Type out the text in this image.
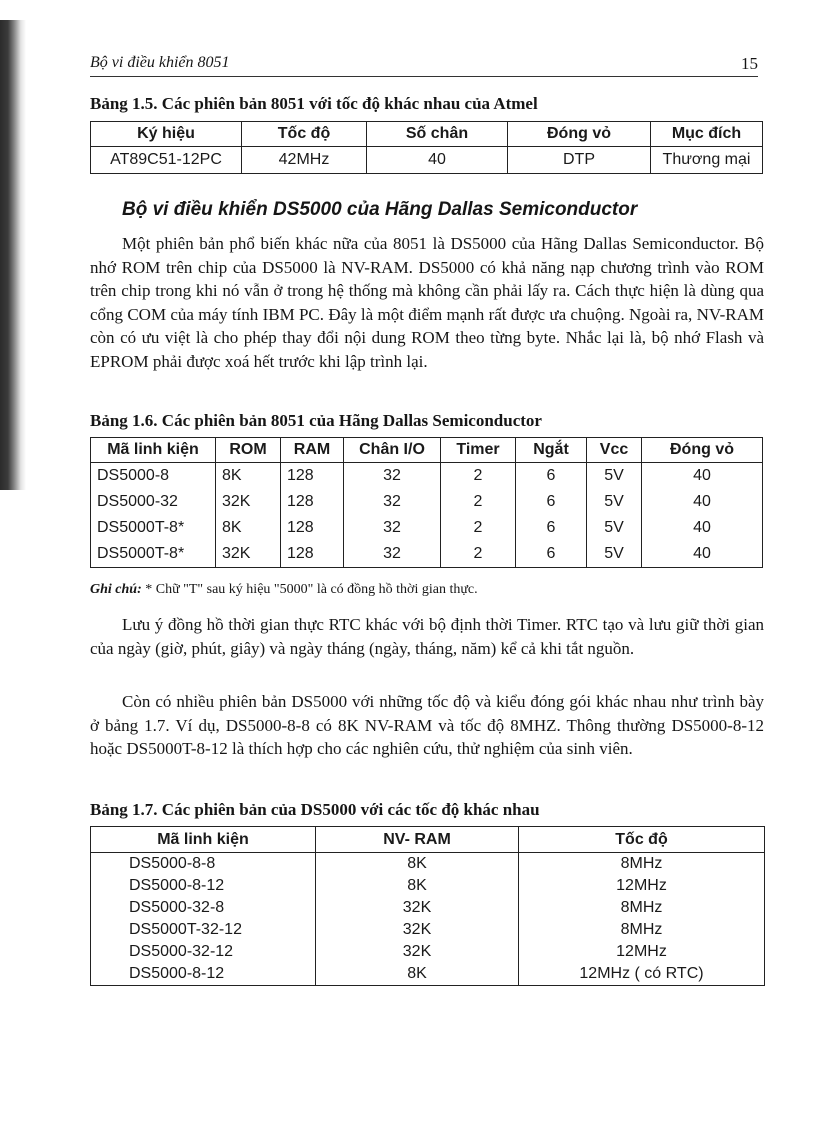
Bộ vi điều khiển 8051	15
Bảng 1.5. Các phiên bản 8051 với tốc độ khác nhau của Atmel
Ký hiệu	Tốc độ	Số chân	Đóng vỏ	Mục đích
AT89C51-12PC	42MHz	40	DTP	Thương mại
Bộ vi điều khiển DS5000 của Hãng Dallas Semiconductor

Một phiên bản phổ biến khác nữa của 8051 là DS5000 của Hãng Dallas Semiconductor. Bộ nhớ ROM trên chip của DS5000 là NV-RAM. DS5000 có khả năng nạp chương trình vào ROM trên chip trong khi nó vẫn ở trong hệ thống mà không cần phải lấy ra. Cách thực hiện là dùng qua cổng COM của máy tính IBM PC. Đây là một điểm mạnh rất được ưa chuộng. Ngoài ra, NV-RAM còn có ưu việt là cho phép thay đổi nội dung ROM theo từng byte. Nhắc lại là, bộ nhớ Flash và EPROM phải được xoá hết trước khi lập trình lại.

Bảng 1.6. Các phiên bản 8051 của Hãng Dallas Semiconductor
Mã linh kiện	ROM	RAM	Chân I/O	Timer	Ngắt	Vcc	Đóng vỏ
DS5000-8	8K	128	32	2	6	5V	40
DS5000-32	32K	128	32	2	6	5V	40
DS5000T-8*	8K	128	32	2	6	5V	40
DS5000T-8*	32K	128	32	2	6	5V	40
Ghi chú: * Chữ "T" sau ký hiệu "5000" là có đồng hồ thời gian thực.

Lưu ý đồng hồ thời gian thực RTC khác với bộ định thời Timer. RTC tạo và lưu giữ thời gian của ngày (giờ, phút, giây) và ngày tháng (ngày, tháng, năm) kể cả khi tắt nguồn.

Còn có nhiều phiên bản DS5000 với những tốc độ và kiểu đóng gói khác nhau như trình bày ở bảng 1.7. Ví dụ, DS5000-8-8 có 8K NV-RAM và tốc độ 8MHZ. Thông thường DS5000-8-12 hoặc DS5000T-8-12 là thích hợp cho các nghiên cứu, thử nghiệm của sinh viên.

Bảng 1.7. Các phiên bản của DS5000 với các tốc độ khác nhau
Mã linh kiện	NV- RAM	Tốc độ
DS5000-8-8	8K	8MHz
DS5000-8-12	8K	12MHz
DS5000-32-8	32K	8MHz
DS5000T-32-12	32K	8MHz
DS5000-32-12	32K	12MHz
DS5000-8-12	8K	12MHz ( có RTC)
